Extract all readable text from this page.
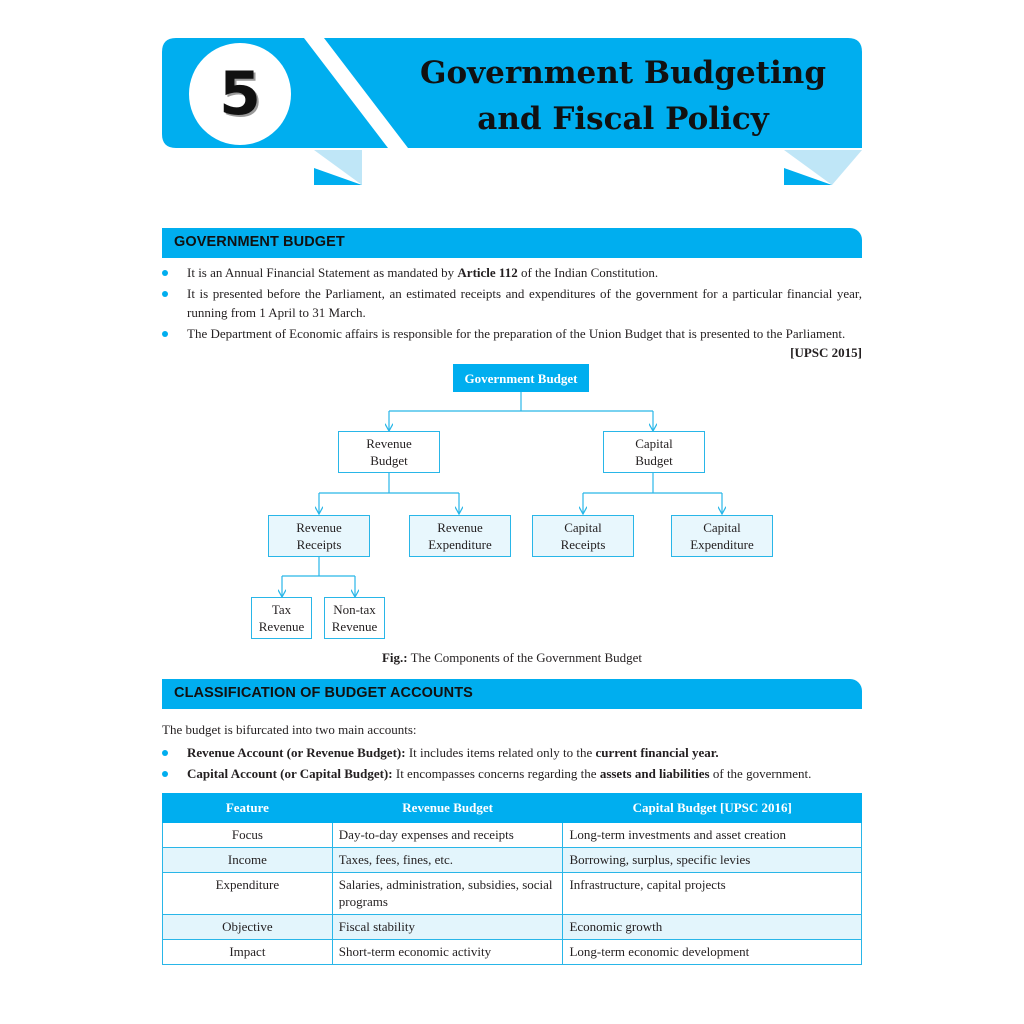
5	Government Budgeting
and Fiscal Policy
GOVERNMENT BUDGET
It is an Annual Financial Statement as mandated by Article 112 of the Indian Constitution.
It is presented before the Parliament, an estimated receipts and expenditures of the government for a particular financial year, running from 1 April to 31 March.
The Department of Economic affairs is responsible for the preparation of the Union Budget that is presented to the Parliament.
[UPSC 2015]
Government Budget
Revenue
Budget
Capital
Budget
Revenue
Receipts
Revenue
Expenditure
Capital
Receipts
Capital
Expenditure
Tax
Revenue
Non-tax
Revenue
Fig.: The Components of the Government Budget
CLASSIFICATION OF BUDGET ACCOUNTS
The budget is bifurcated into two main accounts:
Revenue Account (or Revenue Budget): It includes items related only to the current financial year.
Capital Account (or Capital Budget): It encompasses concerns regarding the assets and liabilities of the government.
Feature	Revenue Budget	Capital Budget [UPSC 2016]
Focus	Day-to-day expenses and receipts	Long-term investments and asset creation
Income	Taxes, fees, fines, etc.	Borrowing, surplus, specific levies
Expenditure	Salaries, administration, subsidies, social programs	Infrastructure, capital projects
Objective	Fiscal stability	Economic growth
Impact	Short-term economic activity	Long-term economic development
